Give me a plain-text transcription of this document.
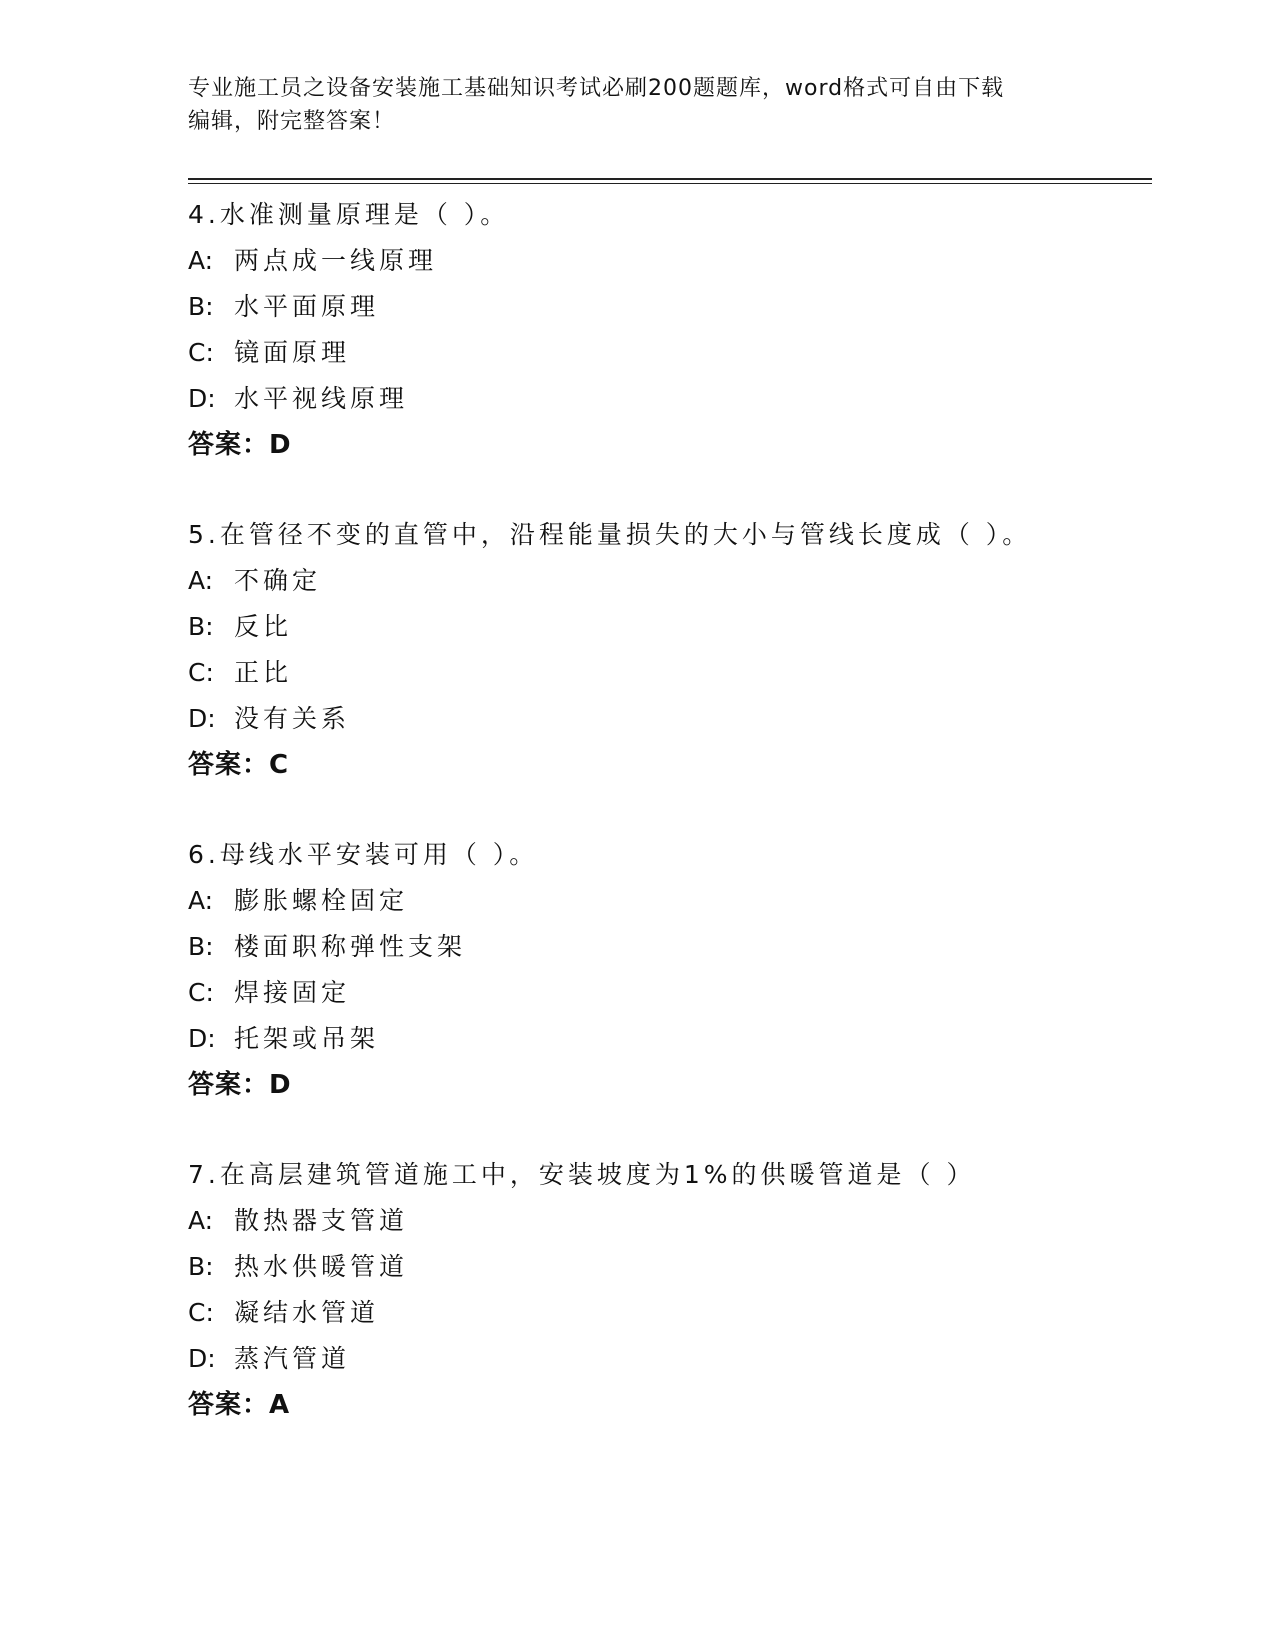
专业施工员之设备安装施工基础知识考试必刷200题题库，word格式可自由下载
编辑，附完整答案！
4.水准测量原理是（ ）。
A: 两点成一线原理
B: 水平面原理
C: 镜面原理
D: 水平视线原理
答案：D
5.在管径不变的直管中，沿程能量损失的大小与管线长度成（ ）。
A: 不确定
B: 反比
C: 正比
D: 没有关系
答案：C
6.母线水平安装可用（ ）。
A: 膨胀螺栓固定
B: 楼面职称弹性支架
C: 焊接固定
D: 托架或吊架
答案：D
7.在高层建筑管道施工中，安装坡度为1%的供暖管道是（ ）
A: 散热器支管道
B: 热水供暖管道
C: 凝结水管道
D: 蒸汽管道
答案：A
